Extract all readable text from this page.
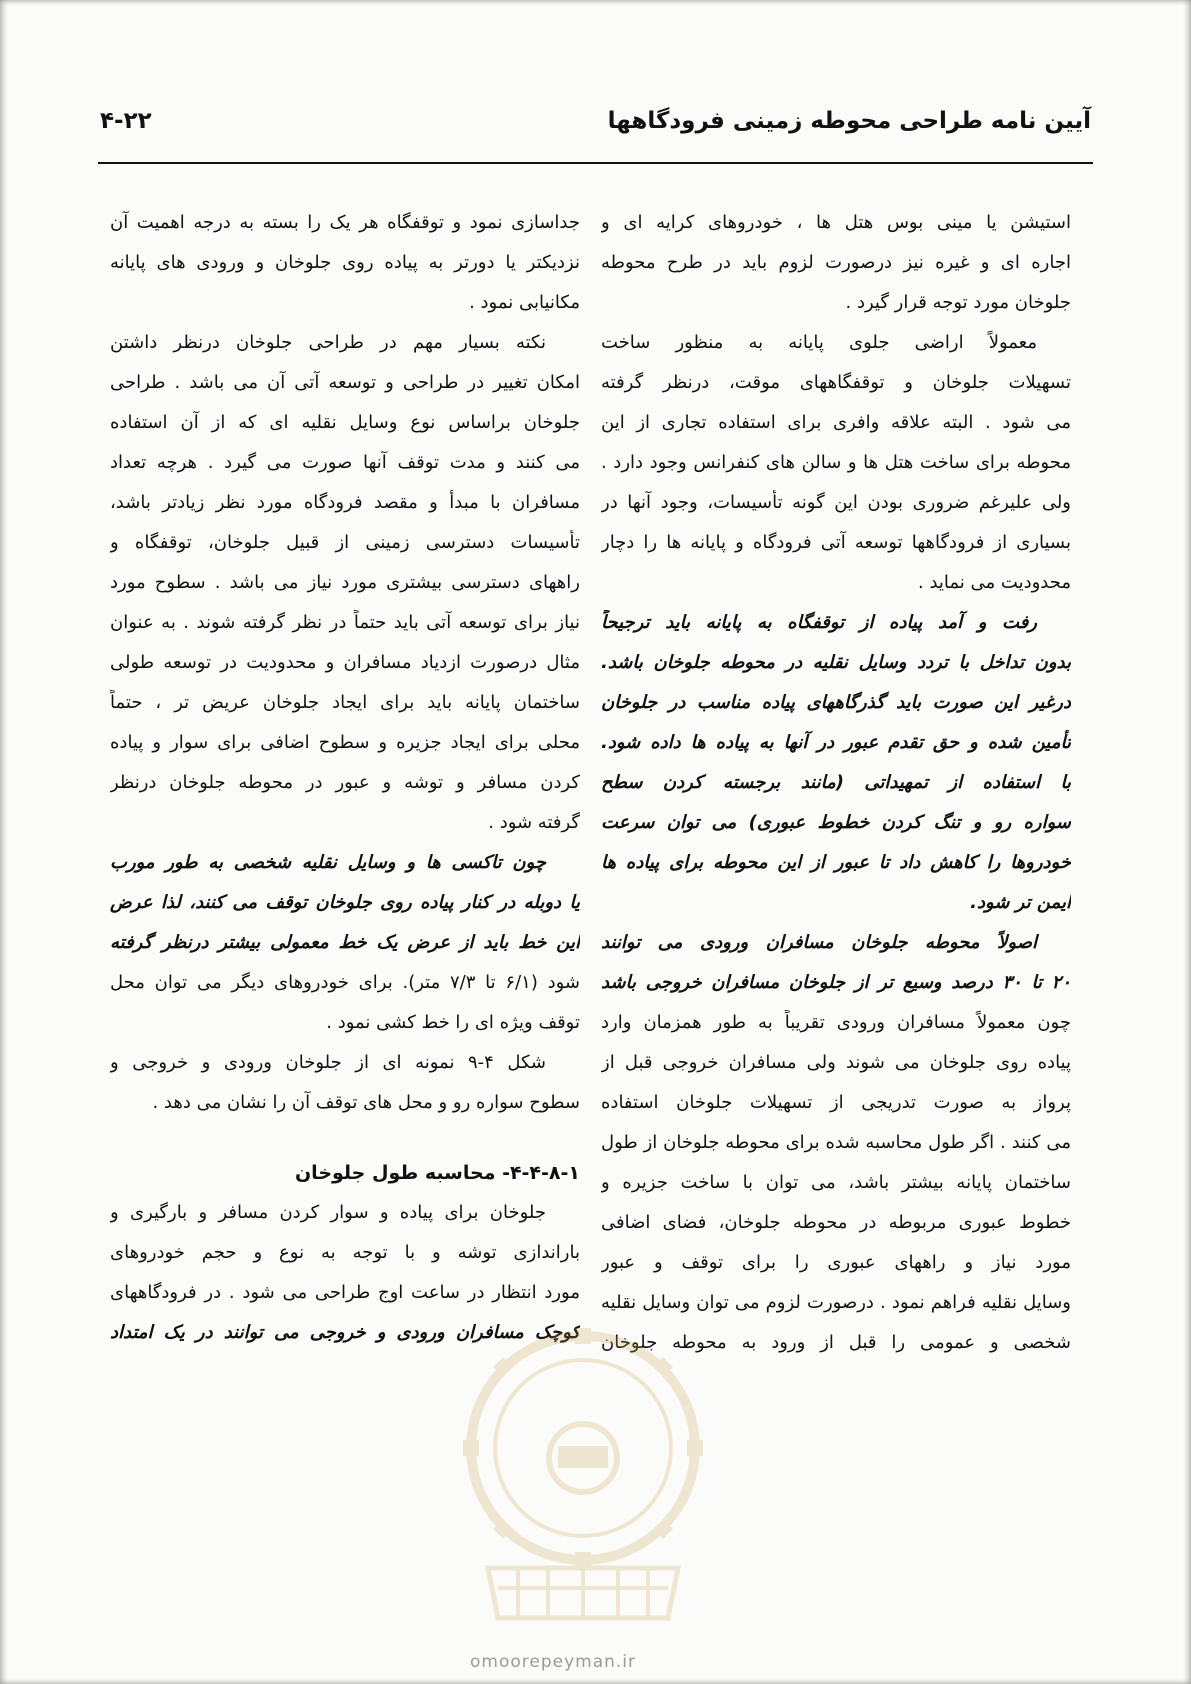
آیین نامه طراحی محوطه زمینی فرودگاهها
۴-۲۲
استیشن یا مینی بوس هتل ها ، خودروهای کرایه ای و
اجاره ای و غیره نیز درصورت لزوم باید در طرح محوطه
جلوخان مورد توجه قرار گیرد .
معمولاً اراضی جلوی پایانه به منظور ساخت
تسهیلات جلوخان و توقفگاههای موقت، درنظر گرفته
می شود . البته علاقه وافری برای استفاده تجاری از این
محوطه برای ساخت هتل ها و سالن های کنفرانس وجود دارد .
ولی علیرغم ضروری بودن این گونه تأسیسات، وجود آنها در
بسیاری از فرودگاهها توسعه آتی فرودگاه و پایانه ها را دچار
محدودیت می نماید .
رفت و آمد پیاده از توقفگاه به پایانه باید ترجیحاً
بدون تداخل با تردد وسایل نقلیه در محوطه جلوخان باشد.
درغیر این صورت باید گذرگاههای پیاده مناسب در جلوخان
تأمین شده و حق تقدم عبور در آنها به پیاده ها داده شود.
با استفاده از تمهیداتی (مانند برجسته کردن سطح
سواره رو و تنگ کردن خطوط عبوری) می توان سرعت
خودروها را کاهش داد تا عبور از این محوطه برای پیاده ها
ایمن تر شود.
اصولاً محوطه جلوخان مسافران ورودی می توانند
۲۰ تا ۳۰ درصد وسیع تر از جلوخان مسافران خروجی باشد
چون معمولاً مسافران ورودی تقریباً به طور همزمان وارد
پیاده روی جلوخان می شوند ولی مسافران خروجی قبل از
پرواز به صورت تدریجی از تسهیلات جلوخان استفاده
می کنند . اگر طول محاسبه شده برای محوطه جلوخان از طول
ساختمان پایانه بیشتر باشد، می توان با ساخت جزیره و
خطوط عبوری مربوطه در محوطه جلوخان، فضای اضافی
مورد نیاز و راههای عبوری را برای توقف و عبور
وسایل نقلیه فراهم نمود . درصورت لزوم می توان وسایل نقلیه
شخصی و عمومی را قبل از ورود به محوطه جلوخان
جداسازی نمود و توقفگاه هر یک را بسته به درجه اهمیت آن
نزدیکتر یا دورتر به پیاده روی جلوخان و ورودی های پایانه
مکانیابی نمود .
نکته بسیار مهم در طراحی جلوخان درنظر داشتن
امکان تغییر در طراحی و توسعه آتی آن می باشد . طراحی
جلوخان براساس نوع وسایل نقلیه ای که از آن استفاده
می کنند و مدت توقف آنها صورت می گیرد . هرچه تعداد
مسافران با مبدأ و مقصد فرودگاه مورد نظر زیادتر باشد،
تأسیسات دسترسی زمینی از قبیل جلوخان، توقفگاه و
راههای دسترسی بیشتری مورد نیاز می باشد . سطوح مورد
نیاز برای توسعه آتی باید حتماً در نظر گرفته شوند . به عنوان
مثال درصورت ازدیاد مسافران و محدودیت در توسعه طولی
ساختمان پایانه باید برای ایجاد جلوخان عریض تر ، حتماً
محلی برای ایجاد جزیره و سطوح اضافی برای سوار و پیاده
کردن مسافر و توشه و عبور در محوطه جلوخان درنظر
گرفته شود .
چون تاکسی ها و وسایل نقلیه شخصی به طور مورب
یا دوبله در کنار پیاده روی جلوخان توقف می کنند، لذا عرض
این خط باید از عرض یک خط معمولی بیشتر درنظر گرفته
شود (۶/۱ تا ۷/۳ متر). برای خودروهای دیگر می توان محل
توقف ویژه ای را خط کشی نمود .
شکل ۴-۹ نمونه ای از جلوخان ورودی و خروجی و
سطوح سواره رو و محل های توقف آن را نشان می دهد .
۴-۴-۸-۱- محاسبه طول جلوخان
جلوخان برای پیاده و سوار کردن مسافر و بارگیری و
باراندازی توشه و با توجه به نوع و حجم خودروهای
مورد انتظار در ساعت اوج طراحی می شود . در فرودگاههای
کوچک مسافران ورودی و خروجی می توانند در یک امتداد
omoorepeyman.ir
